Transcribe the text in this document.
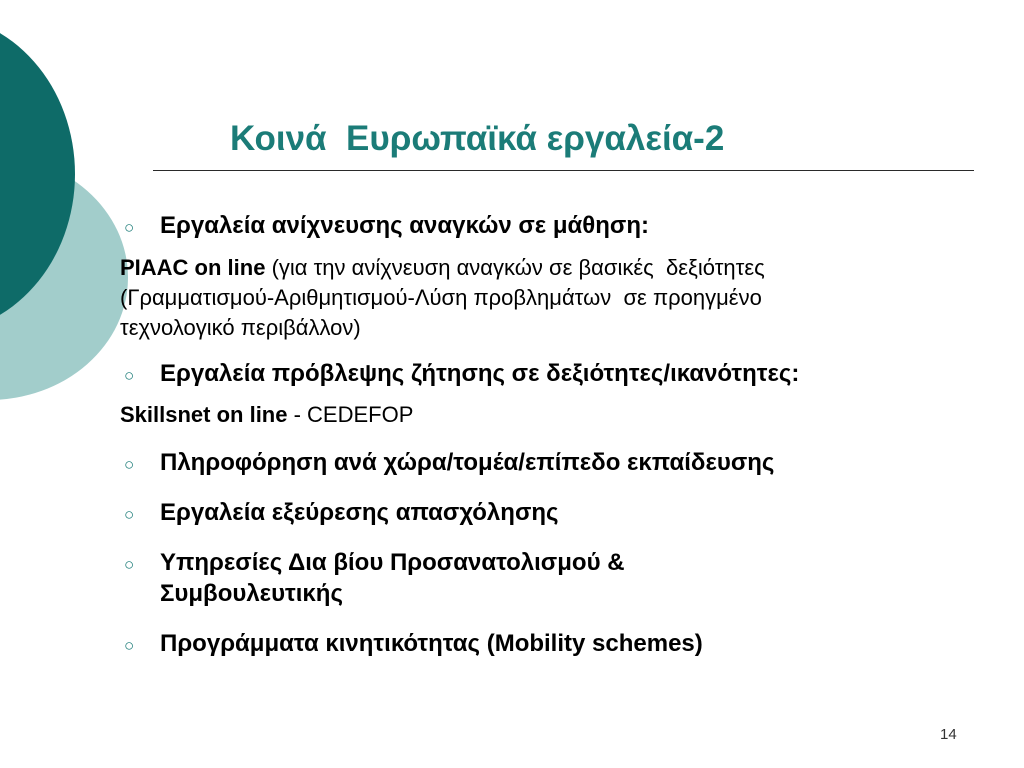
Κοινά  Ευρωπαϊκά εργαλεία-2
○	Εργαλεία ανίχνευσης αναγκών σε μάθηση:
PIAAC on line (για την ανίχνευση αναγκών σε βασικές  δεξιότητες
(Γραμματισμού-Αριθμητισμού-Λύση προβλημάτων  σε προηγμένο
τεχνολογικό περιβάλλον)
○	Εργαλεία πρόβλεψης ζήτησης σε δεξιότητες/ικανότητες:
Skillsnet on line - CEDEFOP
○	Πληροφόρηση ανά χώρα/τομέα/επίπεδο εκπαίδευσης
○	Εργαλεία εξεύρεσης απασχόλησης
○	Υπηρεσίες Δια βίου Προσανατολισμού &
Συμβουλευτικής
○	Προγράμματα κινητικότητας (Mobility schemes)
14
